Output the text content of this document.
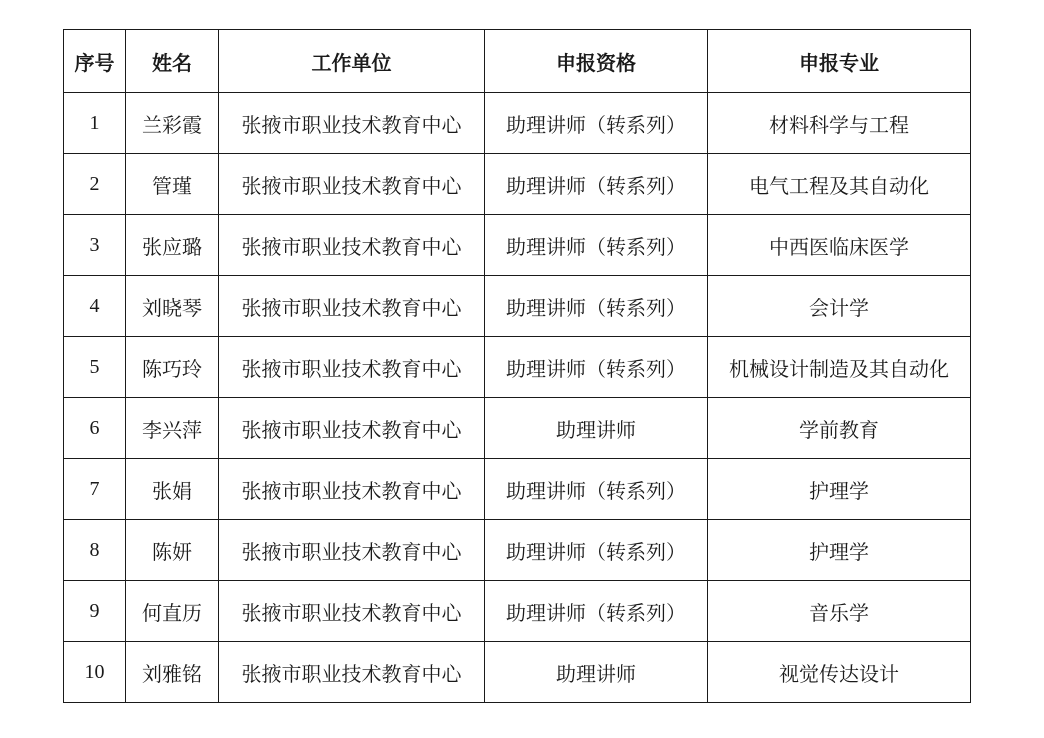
序号	姓名	工作单位	申报资格	申报专业
1	兰彩霞	张掖市职业技术教育中心	助理讲师（转系列）	材料科学与工程
2	管瑾	张掖市职业技术教育中心	助理讲师（转系列）	电气工程及其自动化
3	张应璐	张掖市职业技术教育中心	助理讲师（转系列）	中西医临床医学
4	刘晓琴	张掖市职业技术教育中心	助理讲师（转系列）	会计学
5	陈巧玲	张掖市职业技术教育中心	助理讲师（转系列）	机械设计制造及其自动化
6	李兴萍	张掖市职业技术教育中心	助理讲师	学前教育
7	张娟	张掖市职业技术教育中心	助理讲师（转系列）	护理学
8	陈妍	张掖市职业技术教育中心	助理讲师（转系列）	护理学
9	何直历	张掖市职业技术教育中心	助理讲师（转系列）	音乐学
10	刘雅铭	张掖市职业技术教育中心	助理讲师	视觉传达设计
